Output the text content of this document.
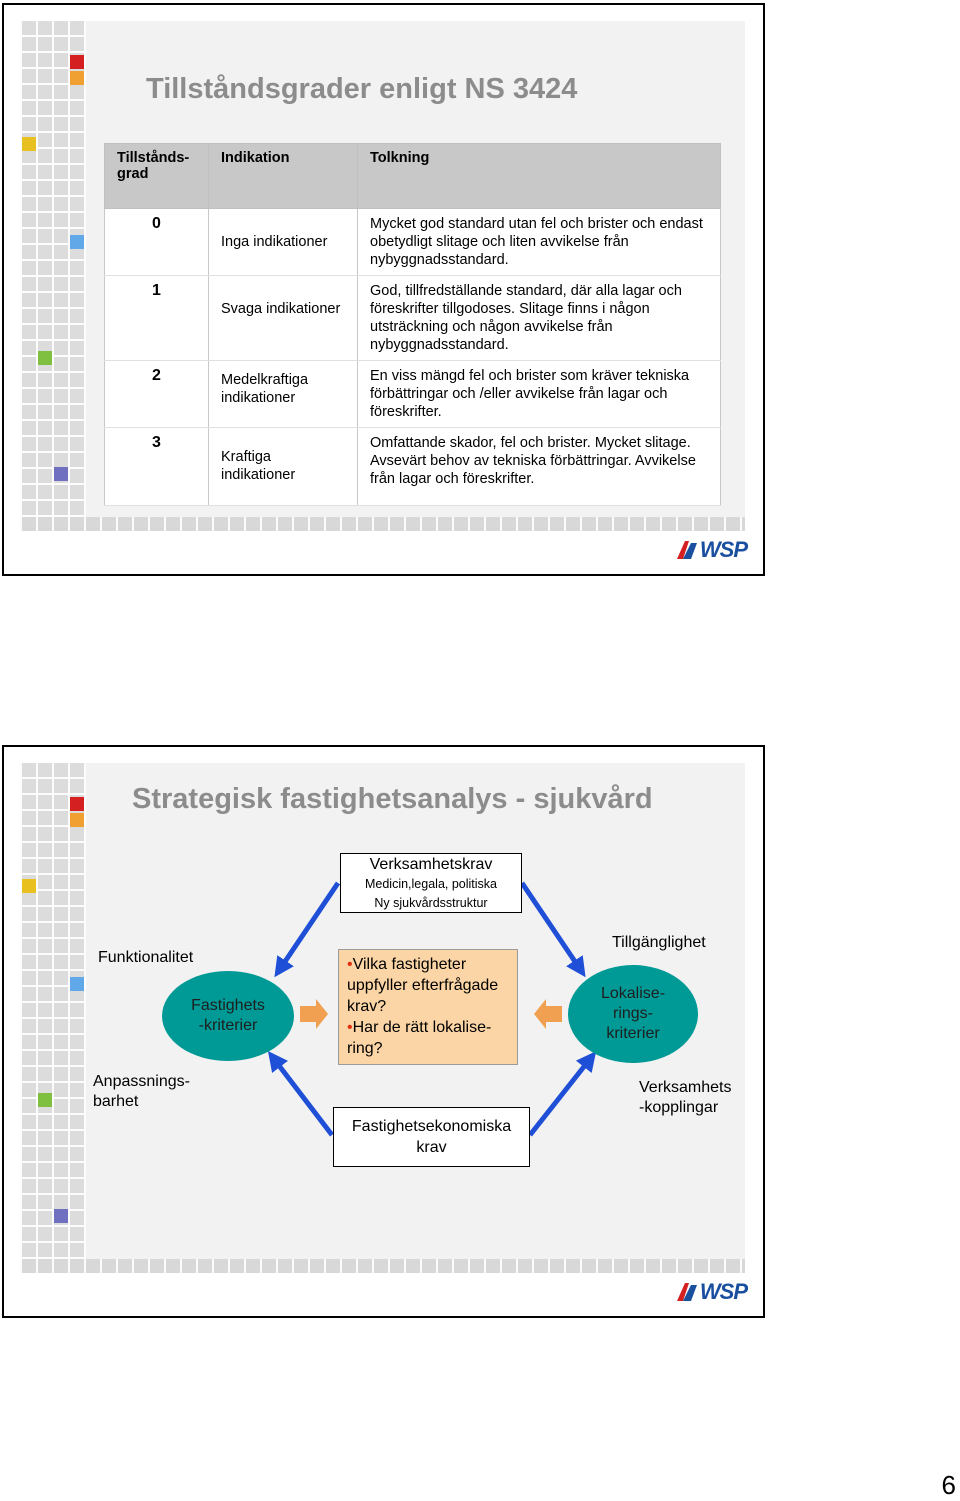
Tillståndsgrader enligt NS 3424
Tillstånds-grad	Indikation	Tolkning
0	Inga indikationer	Mycket god standard utan fel och brister och endast obetydligt slitage och liten avvikelse från nybyggnadsstandard.
1	Svaga indikationer	God, tillfredställande standard, där alla lagar och föreskrifter tillgodoses. Slitage finns i någon utsträckning och någon avvikelse från nybyggnadsstandard.
2	Medelkraftiga indikationer	En viss mängd fel och brister som kräver tekniska förbättringar och /eller avvikelse från lagar och föreskrifter.
3	Kraftiga indikationer	Omfattande skador, fel och brister. Mycket slitage. Avsevärt behov av tekniska förbättringar. Avvikelse från lagar och föreskrifter.
WSP
Strategisk fastighetsanalys - sjukvård
Verksamhetskrav
Medicin,legala, politiska
Ny sjukvårdsstruktur
Funktionalitet
Fastighets
-kriterier
Anpassnings-
barhet
•Vilka fastigheter uppfyller efterfrågade krav?
•Har de rätt lokalise-ring?
Tillgänglighet
Lokalise-
rings-
kriterier
Verksamhets
-kopplingar
Fastighetsekonomiska
krav
WSP
6
